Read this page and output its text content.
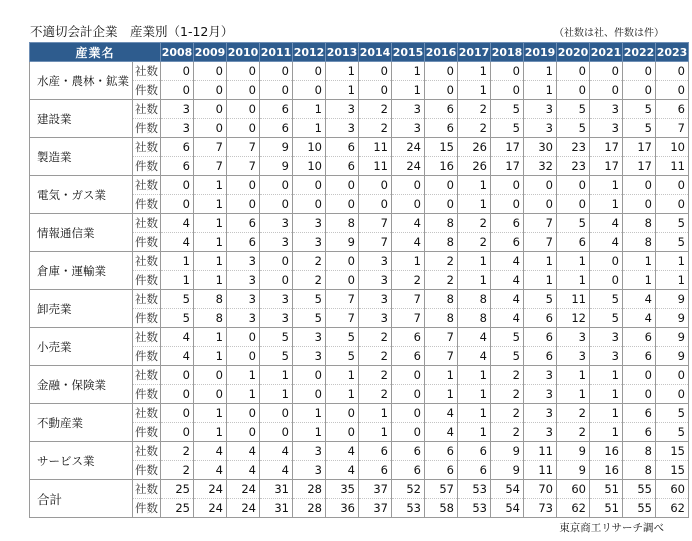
不適切会計企業　産業別（1-12月）	（社数は社、件数は件）
産業名		2008	2009	2010	2011	2012	2013	2014	2015	2016	2017	2018	2019	2020	2021	2022	2023
水産・農林・鉱業	社数	0	0	0	0	0	1	0	1	0	1	0	1	0	0	0	0
	件数	0	0	0	0	0	1	0	1	0	1	0	1	0	0	0	0
建設業	社数	3	0	0	6	1	3	2	3	6	2	5	3	5	3	5	6
	件数	3	0	0	6	1	3	2	3	6	2	5	3	5	3	5	7
製造業	社数	6	7	7	9	10	6	11	24	15	26	17	30	23	17	17	10
	件数	6	7	7	9	10	6	11	24	16	26	17	32	23	17	17	11
電気・ガス業	社数	0	1	0	0	0	0	0	0	0	1	0	0	0	1	0	0
	件数	0	1	0	0	0	0	0	0	0	1	0	0	0	1	0	0
情報通信業	社数	4	1	6	3	3	8	7	4	8	2	6	7	5	4	8	5
	件数	4	1	6	3	3	9	7	4	8	2	6	7	6	4	8	5
倉庫・運輸業	社数	1	1	3	0	2	0	3	1	2	1	4	1	1	0	1	1
	件数	1	1	3	0	2	0	3	2	2	1	4	1	1	0	1	1
卸売業	社数	5	8	3	3	5	7	3	7	8	8	4	5	11	5	4	9
	件数	5	8	3	3	5	7	3	7	8	8	4	6	12	5	4	9
小売業	社数	4	1	0	5	3	5	2	6	7	4	5	6	3	3	6	9
	件数	4	1	0	5	3	5	2	6	7	4	5	6	3	3	6	9
金融・保険業	社数	0	0	1	1	0	1	2	0	1	1	2	3	1	1	0	0
	件数	0	0	1	1	0	1	2	0	1	1	2	3	1	1	0	0
不動産業	社数	0	1	0	0	1	0	1	0	4	1	2	3	2	1	6	5
	件数	0	1	0	0	1	0	1	0	4	1	2	3	2	1	6	5
サービス業	社数	2	4	4	4	3	4	6	6	6	6	9	11	9	16	8	15
	件数	2	4	4	4	3	4	6	6	6	6	9	11	9	16	8	15
合計	社数	25	24	24	31	28	35	37	52	57	53	54	70	60	51	55	60
	件数	25	24	24	31	28	36	37	53	58	53	54	73	62	51	55	62
東京商工リサーチ調べ
